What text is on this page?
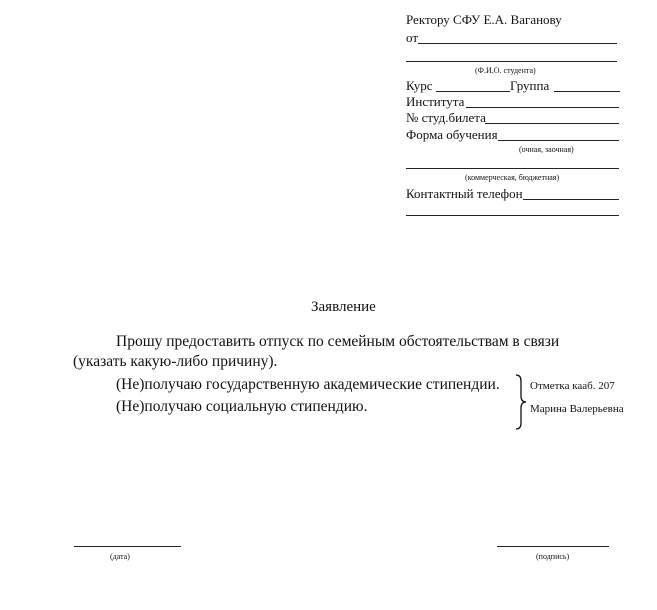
Ректору СФУ Е.А. Ваганову
от
(Ф.И.О. студента)
Курс	Группа
Института
№ студ.билета
Форма обучения
(очная, заочная)
(коммерческая, бюджетная)
Контактный телефон
Заявление
Прошу предоставить отпуск по семейным обстоятельствам в связи
(указать какую-либо причину).
(Не)получаю государственную академические стипендии.
(Не)получаю социальную стипендию.
Отметка кааб. 207
Марина Валерьевна
(дата)	(подпись)
